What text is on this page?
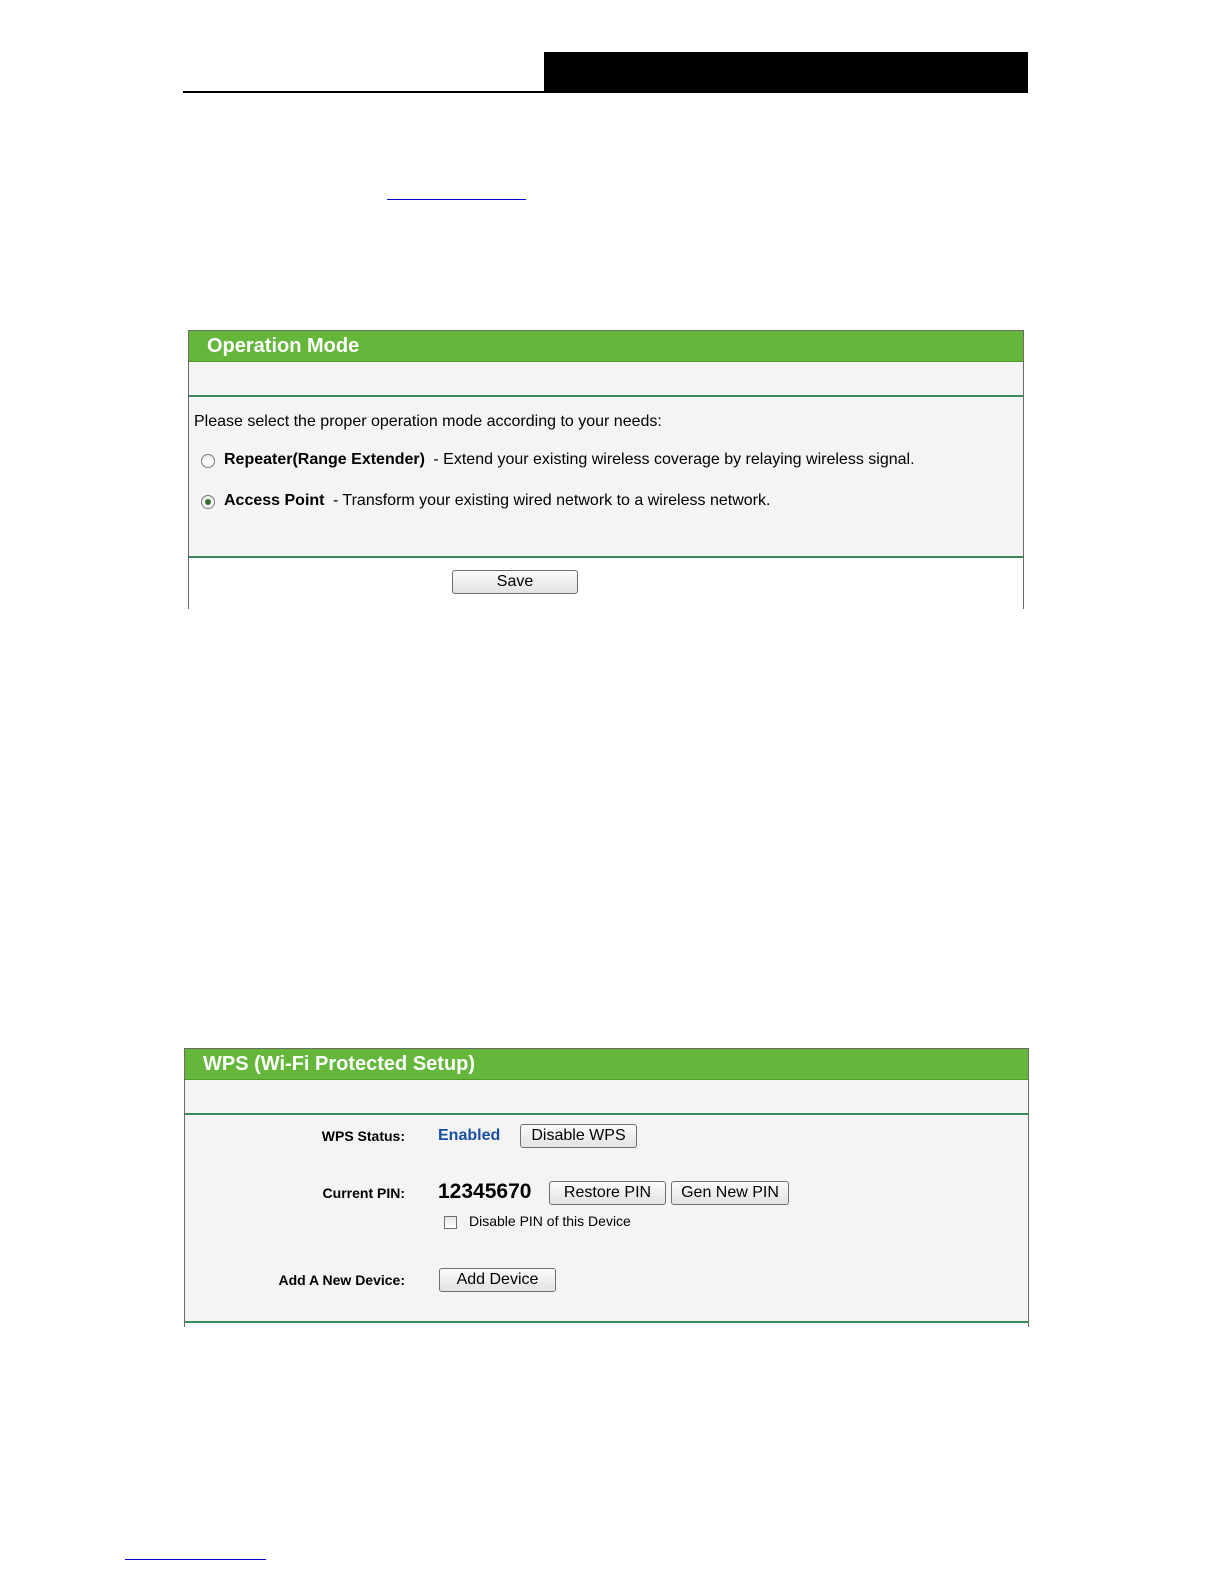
Operation Mode
Please select the proper operation mode according to your needs:
Repeater(Range Extender) - Extend your existing wireless coverage by relaying wireless signal.
Access Point - Transform your existing wired network to a wireless network.
Save
WPS (Wi-Fi Protected Setup)
WPS Status: Enabled	Disable WPS
Current PIN: 12345670	Restore PIN	Gen New PIN
Disable PIN of this Device
Add A New Device:	Add Device
